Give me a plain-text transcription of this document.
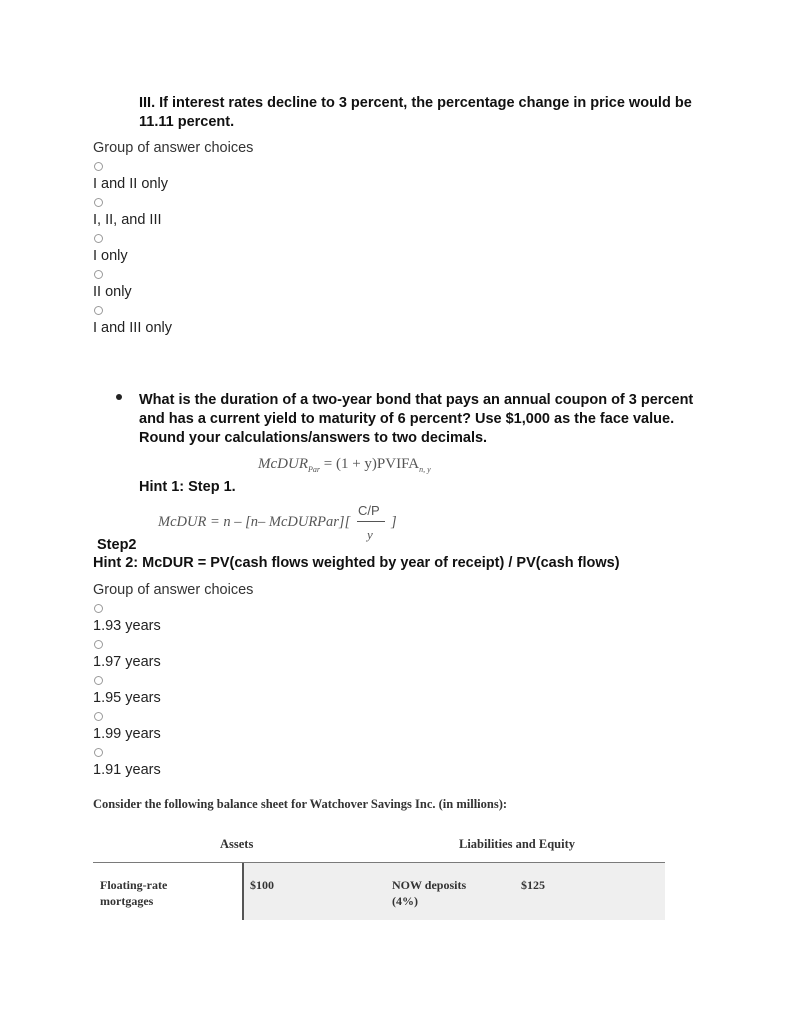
III. If interest rates decline to 3 percent, the percentage change in price would be 11.11 percent.
Group of answer choices
I and II only
I, II, and III
I only
II only
I and III only
What is the duration of a two-year bond that pays an annual coupon of 3 percent and has a current yield to maturity of 6 percent? Use $1,000 as the face value. Round your calculations/answers to two decimals.
McDUR$_{Par}$ = $(1 + y)PVIFA_{n, y}$
Hint 1: Step 1.
McDUR = n – [n– McDURPar][
C/P
y
]
Step2
Hint 2: McDUR = PV(cash flows weighted by year of receipt) / PV(cash flows)
Group of answer choices
1.93 years
1.97 years
1.95 years
1.99 years
1.91 years
Consider the following balance sheet for Watchover Savings Inc. (in millions):
Assets	Liabilities and Equity
Floating-rate mortgages
$100	NOW deposits (4%)
$125
